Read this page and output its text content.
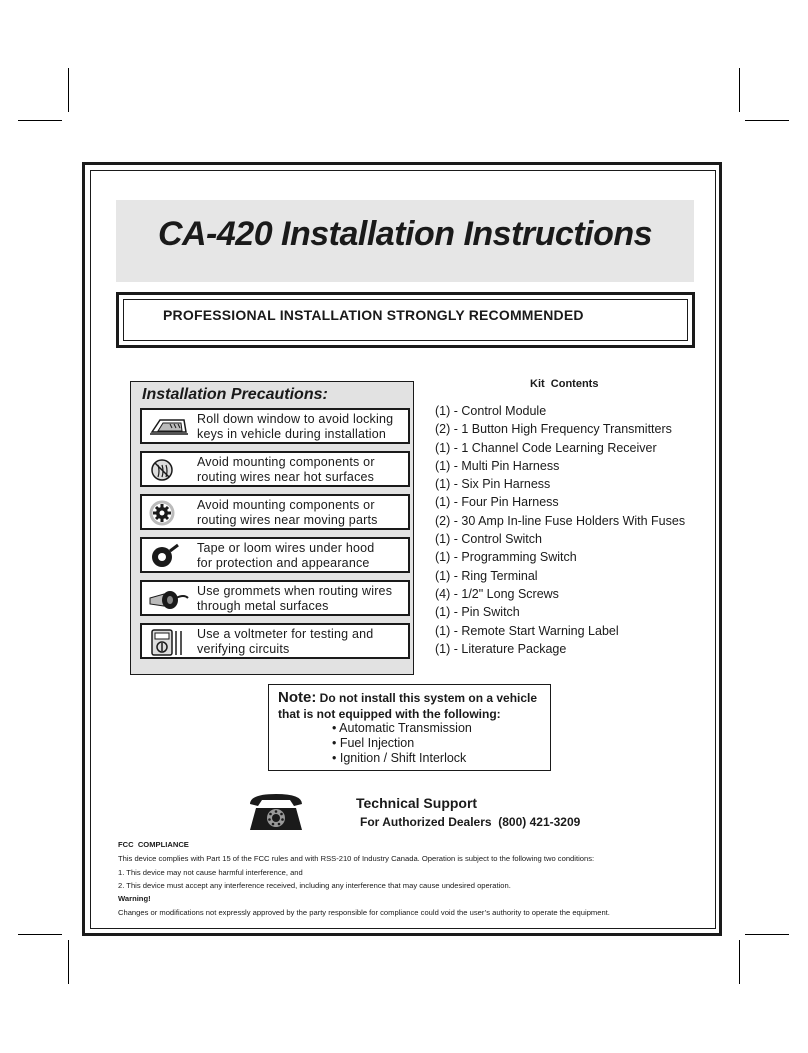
CA-420 Installation Instructions
PROFESSIONAL INSTALLATION STRONGLY RECOMMENDED
Installation Precautions:
Roll down window to avoid locking
keys in vehicle during installation
Avoid mounting components or
routing wires near hot surfaces
Avoid mounting components or
routing wires near moving parts
Tape or loom wires under hood
for protection and appearance
Use grommets when routing wires
through metal surfaces
Use a voltmeter for testing and
verifying circuits
Kit  Contents
(1) - Control Module
(2) - 1 Button High Frequency Transmitters
(1) - 1 Channel Code Learning Receiver
(1) - Multi Pin Harness
(1) - Six Pin Harness
(1) - Four Pin Harness
(2) - 30 Amp In-line Fuse Holders With Fuses
(1) - Control Switch
(1) - Programming Switch
(1) - Ring Terminal
(4) - 1/2" Long Screws
(1) - Pin Switch
(1) - Remote Start Warning Label
(1) - Literature Package
Note: Do not install this system on a vehicle
that is not equipped with the following:
• Automatic Transmission
• Fuel Injection
• Ignition / Shift Interlock
Technical Support
For Authorized Dealers  (800) 421-3209
FCC  COMPLIANCE
This device complies with Part 15 of the FCC rules and with RSS-210 of Industry Canada. Operation is subject to the following two conditions:
1. This device may not cause harmful interference, and
2. This device must accept any interference received, including any interference that may cause undesired operation.
Warning!
Changes or modifications not expressly approved by the party responsible for compliance could void the user’s authority to operate the equipment.
